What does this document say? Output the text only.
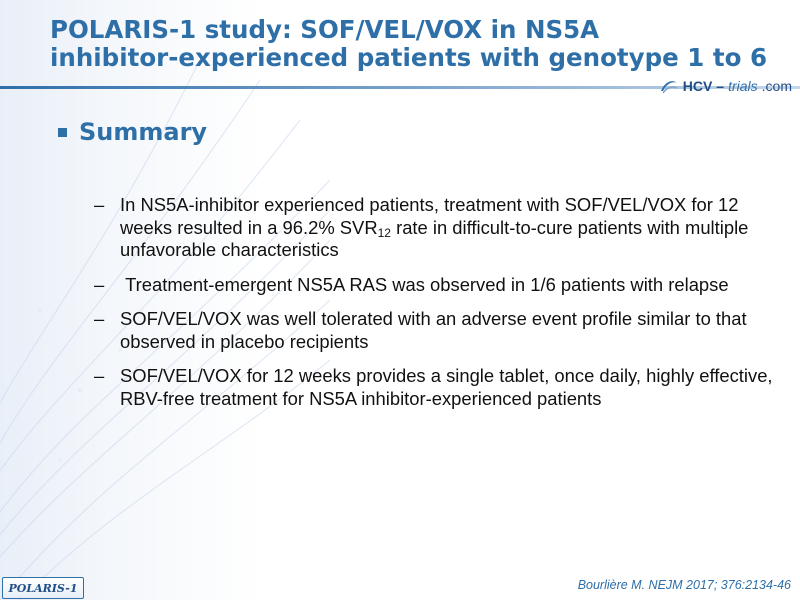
POLARIS-1 study: SOF/VEL/VOX in NS5A
inhibitor-experienced patients with genotype 1 to 6
HCV – trials .com
Summary
– In NS5A-inhibitor experienced patients, treatment with SOF/VEL/VOX for 12 weeks resulted in a 96.2% $SVR_{12}$ rate in difficult-to-cure patients with multiple unfavorable characteristics
– Treatment-emergent NS5A RAS was observed in 1/6 patients with relapse
– SOF/VEL/VOX was well tolerated with an adverse event profile similar to that observed in placebo recipients
– SOF/VEL/VOX for 12 weeks provides a single tablet, once daily, highly effective, RBV-free treatment for NS5A inhibitor-experienced patients
POLARIS-1	Bourlière M. NEJM 2017; 376:2134-46
